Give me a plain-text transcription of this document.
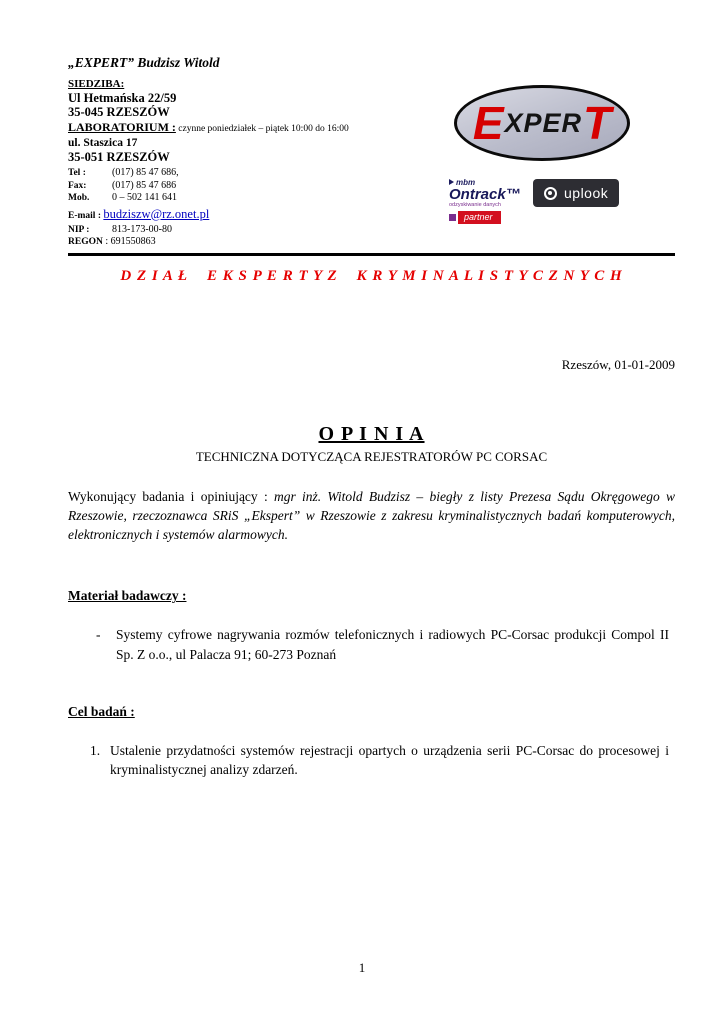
„EXPERT” Budzisz Witold
SIEDZIBA:
Ul Hetmańska 22/59
35-045 RZESZÓW
LABORATORIUM : czynne poniedziałek – piątek 10:00 do 16:00
ul. Staszica 17
35-051 RZESZÓW
Tel :	(017) 85 47 686,
Fax:	(017) 85 47 686
Mob. 0 – 502 141 641
E-mail : budziszw@rz.onet.pl
NIP : 813-173-00-80
REGON : 691550863
E XPER T
mbm
Ontrack™
odzyskiwanie danych
partner
uplook
D Z I A Ł    E K S P E R T Y Z    K R Y M I N A L I S T Y C Z N Y C H
Rzeszów, 01-01-2009
O P I N I A
TECHNICZNA DOTYCZĄCA REJESTRATORÓW PC CORSAC

Wykonujący badania i opiniujący : mgr inż. Witold Budzisz – biegły z listy Prezesa Sądu Okręgowego w Rzeszowie, rzeczoznawca SRiS „Ekspert” w Rzeszowie z zakresu kryminalistycznych badań komputerowych, elektronicznych i systemów alarmowych.

Materiał badawczy :
-	Systemy cyfrowe nagrywania rozmów telefonicznych i radiowych PC-Corsac produkcji Compol II Sp. Z o.o., ul Palacza 91; 60-273 Poznań
Cel badań :
1. Ustalenie przydatności systemów rejestracji opartych o urządzenia serii PC-Corsac do procesowej i kryminalistycznej analizy zdarzeń.
1
